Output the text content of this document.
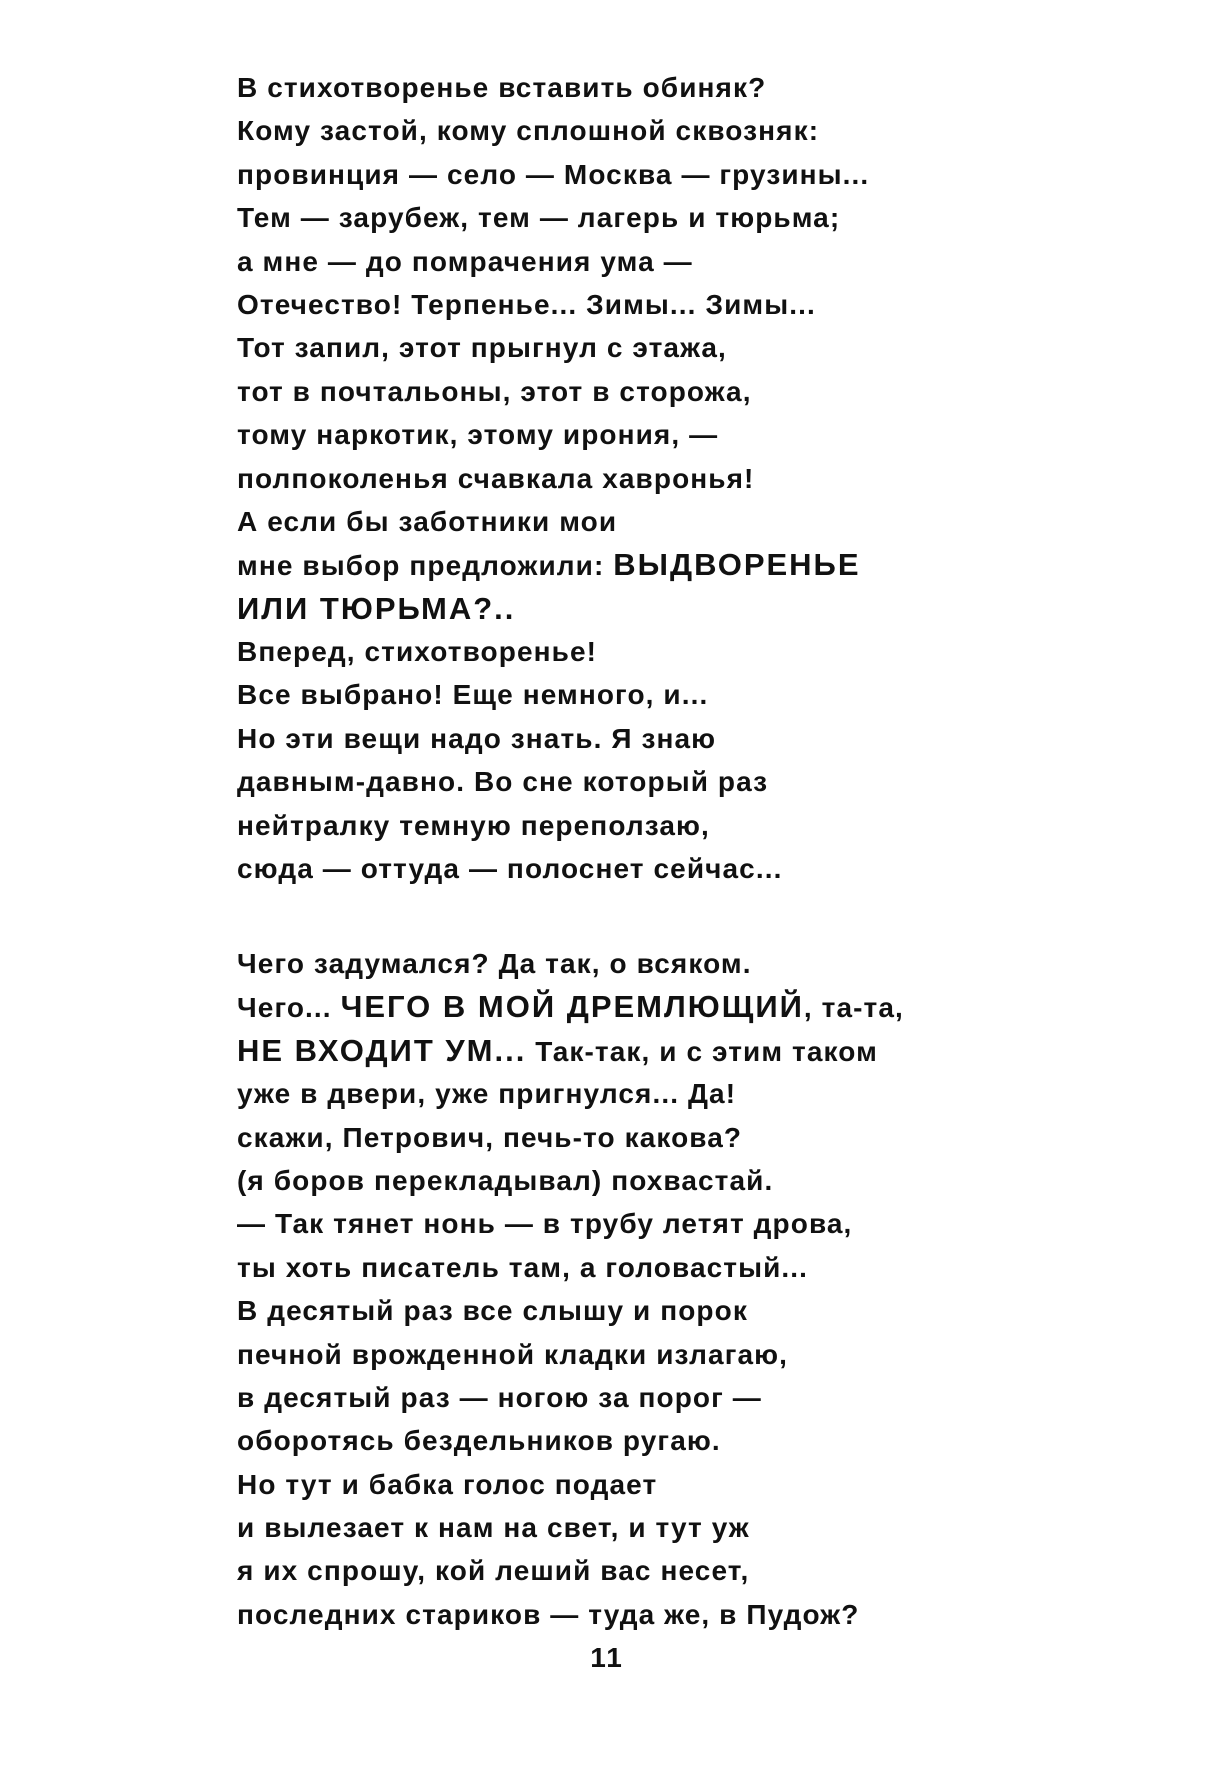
В стихотворенье вставить обиняк?
Кому застой, кому сплошной сквозняк:
провинция — село — Москва — грузины...
Тем — зарубеж, тем — лагерь и тюрьма;
а мне — до помрачения ума —
Отечество! Терпенье... Зимы... Зимы...
Тот запил, этот прыгнул с этажа,
тот в почтальоны, этот в сторожа,
тому наркотик, этому ирония, —
полпоколенья счавкала хавронья!
А если бы заботники мои
мне выбор предложили: ВЫДВОРЕНЬЕ
ИЛИ ТЮРЬМА?..
Вперед, стихотворенье!
Все выбрано! Еще немного, и...
Но эти вещи надо знать. Я знаю
давным-давно. Во сне который раз
нейтралку темную переползаю,
сюда — оттуда — полоснет сейчас...
Чего задумался? Да так, о всяком.
Чего... ЧЕГО В МОЙ ДРЕМЛЮЩИЙ, та-та,
НЕ ВХОДИТ УМ... Так-так, и с этим таком
уже в двери, уже пригнулся... Да!
скажи, Петрович, печь-то какова?
(я боров перекладывал) похвастай.
— Так тянет нонь — в трубу летят дрова,
ты хоть писатель там, а головастый...
В десятый раз все слышу и порок
печной врожденной кладки излагаю,
в десятый раз — ногою за порог —
оборотясь бездельников ругаю.
Но тут и бабка голос подает
и вылезает к нам на свет, и тут уж
я их спрошу, кой леший вас несет,
последних стариков — туда же, в Пудож?
11
